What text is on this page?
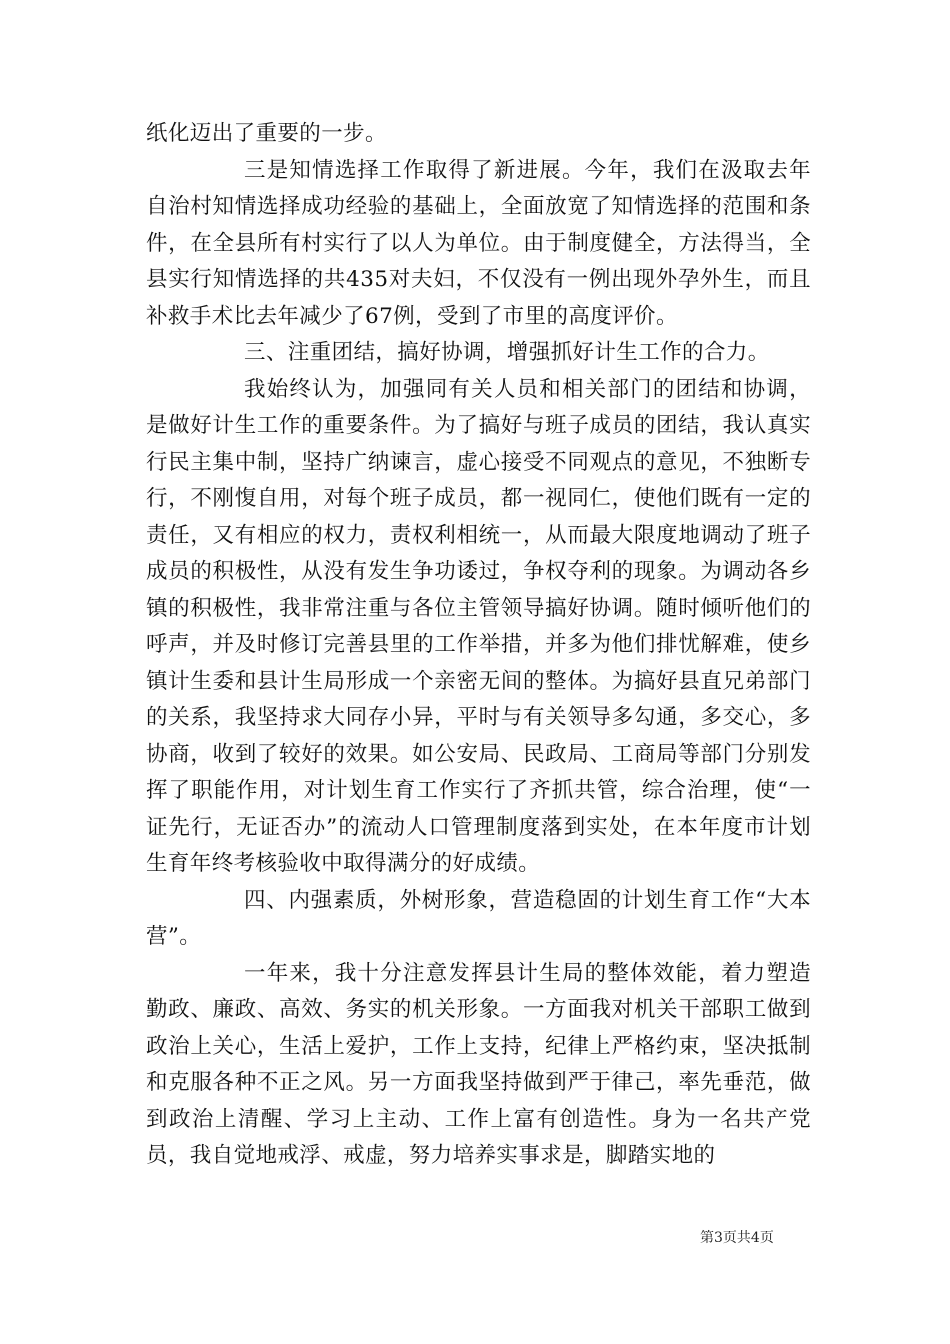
纸化迈出了重要的一步。

三是知情选择工作取得了新进展。今年，我们在汲取去年自治村知情选择成功经验的基础上，全面放宽了知情选择的范围和条件，在全县所有村实行了以人为单位。由于制度健全，方法得当，全县实行知情选择的共435对夫妇，不仅没有一例出现外孕外生，而且补救手术比去年减少了67例，受到了市里的高度评价。

三、注重团结，搞好协调，增强抓好计生工作的合力。

我始终认为，加强同有关人员和相关部门的团结和协调，是做好计生工作的重要条件。为了搞好与班子成员的团结，我认真实行民主集中制，坚持广纳谏言，虚心接受不同观点的意见，不独断专行，不刚愎自用，对每个班子成员，都一视同仁，使他们既有一定的责任，又有相应的权力，责权利相统一，从而最大限度地调动了班子成员的积极性，从没有发生争功诿过，争权夺利的现象。为调动各乡镇的积极性，我非常注重与各位主管领导搞好协调。随时倾听他们的呼声，并及时修订完善县里的工作举措，并多为他们排忧解难，使乡镇计生委和县计生局形成一个亲密无间的整体。为搞好县直兄弟部门的关系，我坚持求大同存小异，平时与有关领导多勾通，多交心，多协商，收到了较好的效果。如公安局、民政局、工商局等部门分别发挥了职能作用，对计划生育工作实行了齐抓共管，综合治理，使“一证先行，无证否办”的流动人口管理制度落到实处，在本年度市计划生育年终考核验收中取得满分的好成绩。

四、内强素质，外树形象，营造稳固的计划生育工作“大本营”。

一年来，我十分注意发挥县计生局的整体效能，着力塑造勤政、廉政、高效、务实的机关形象。一方面我对机关干部职工做到政治上关心，生活上爱护，工作上支持，纪律上严格约束，坚决抵制和克服各种不正之风。另一方面我坚持做到严于律己，率先垂范，做到政治上清醒、学习上主动、工作上富有创造性。身为一名共产党员，我自觉地戒浮、戒虚，努力培养实事求是，脚踏实地的

第3页共4页
